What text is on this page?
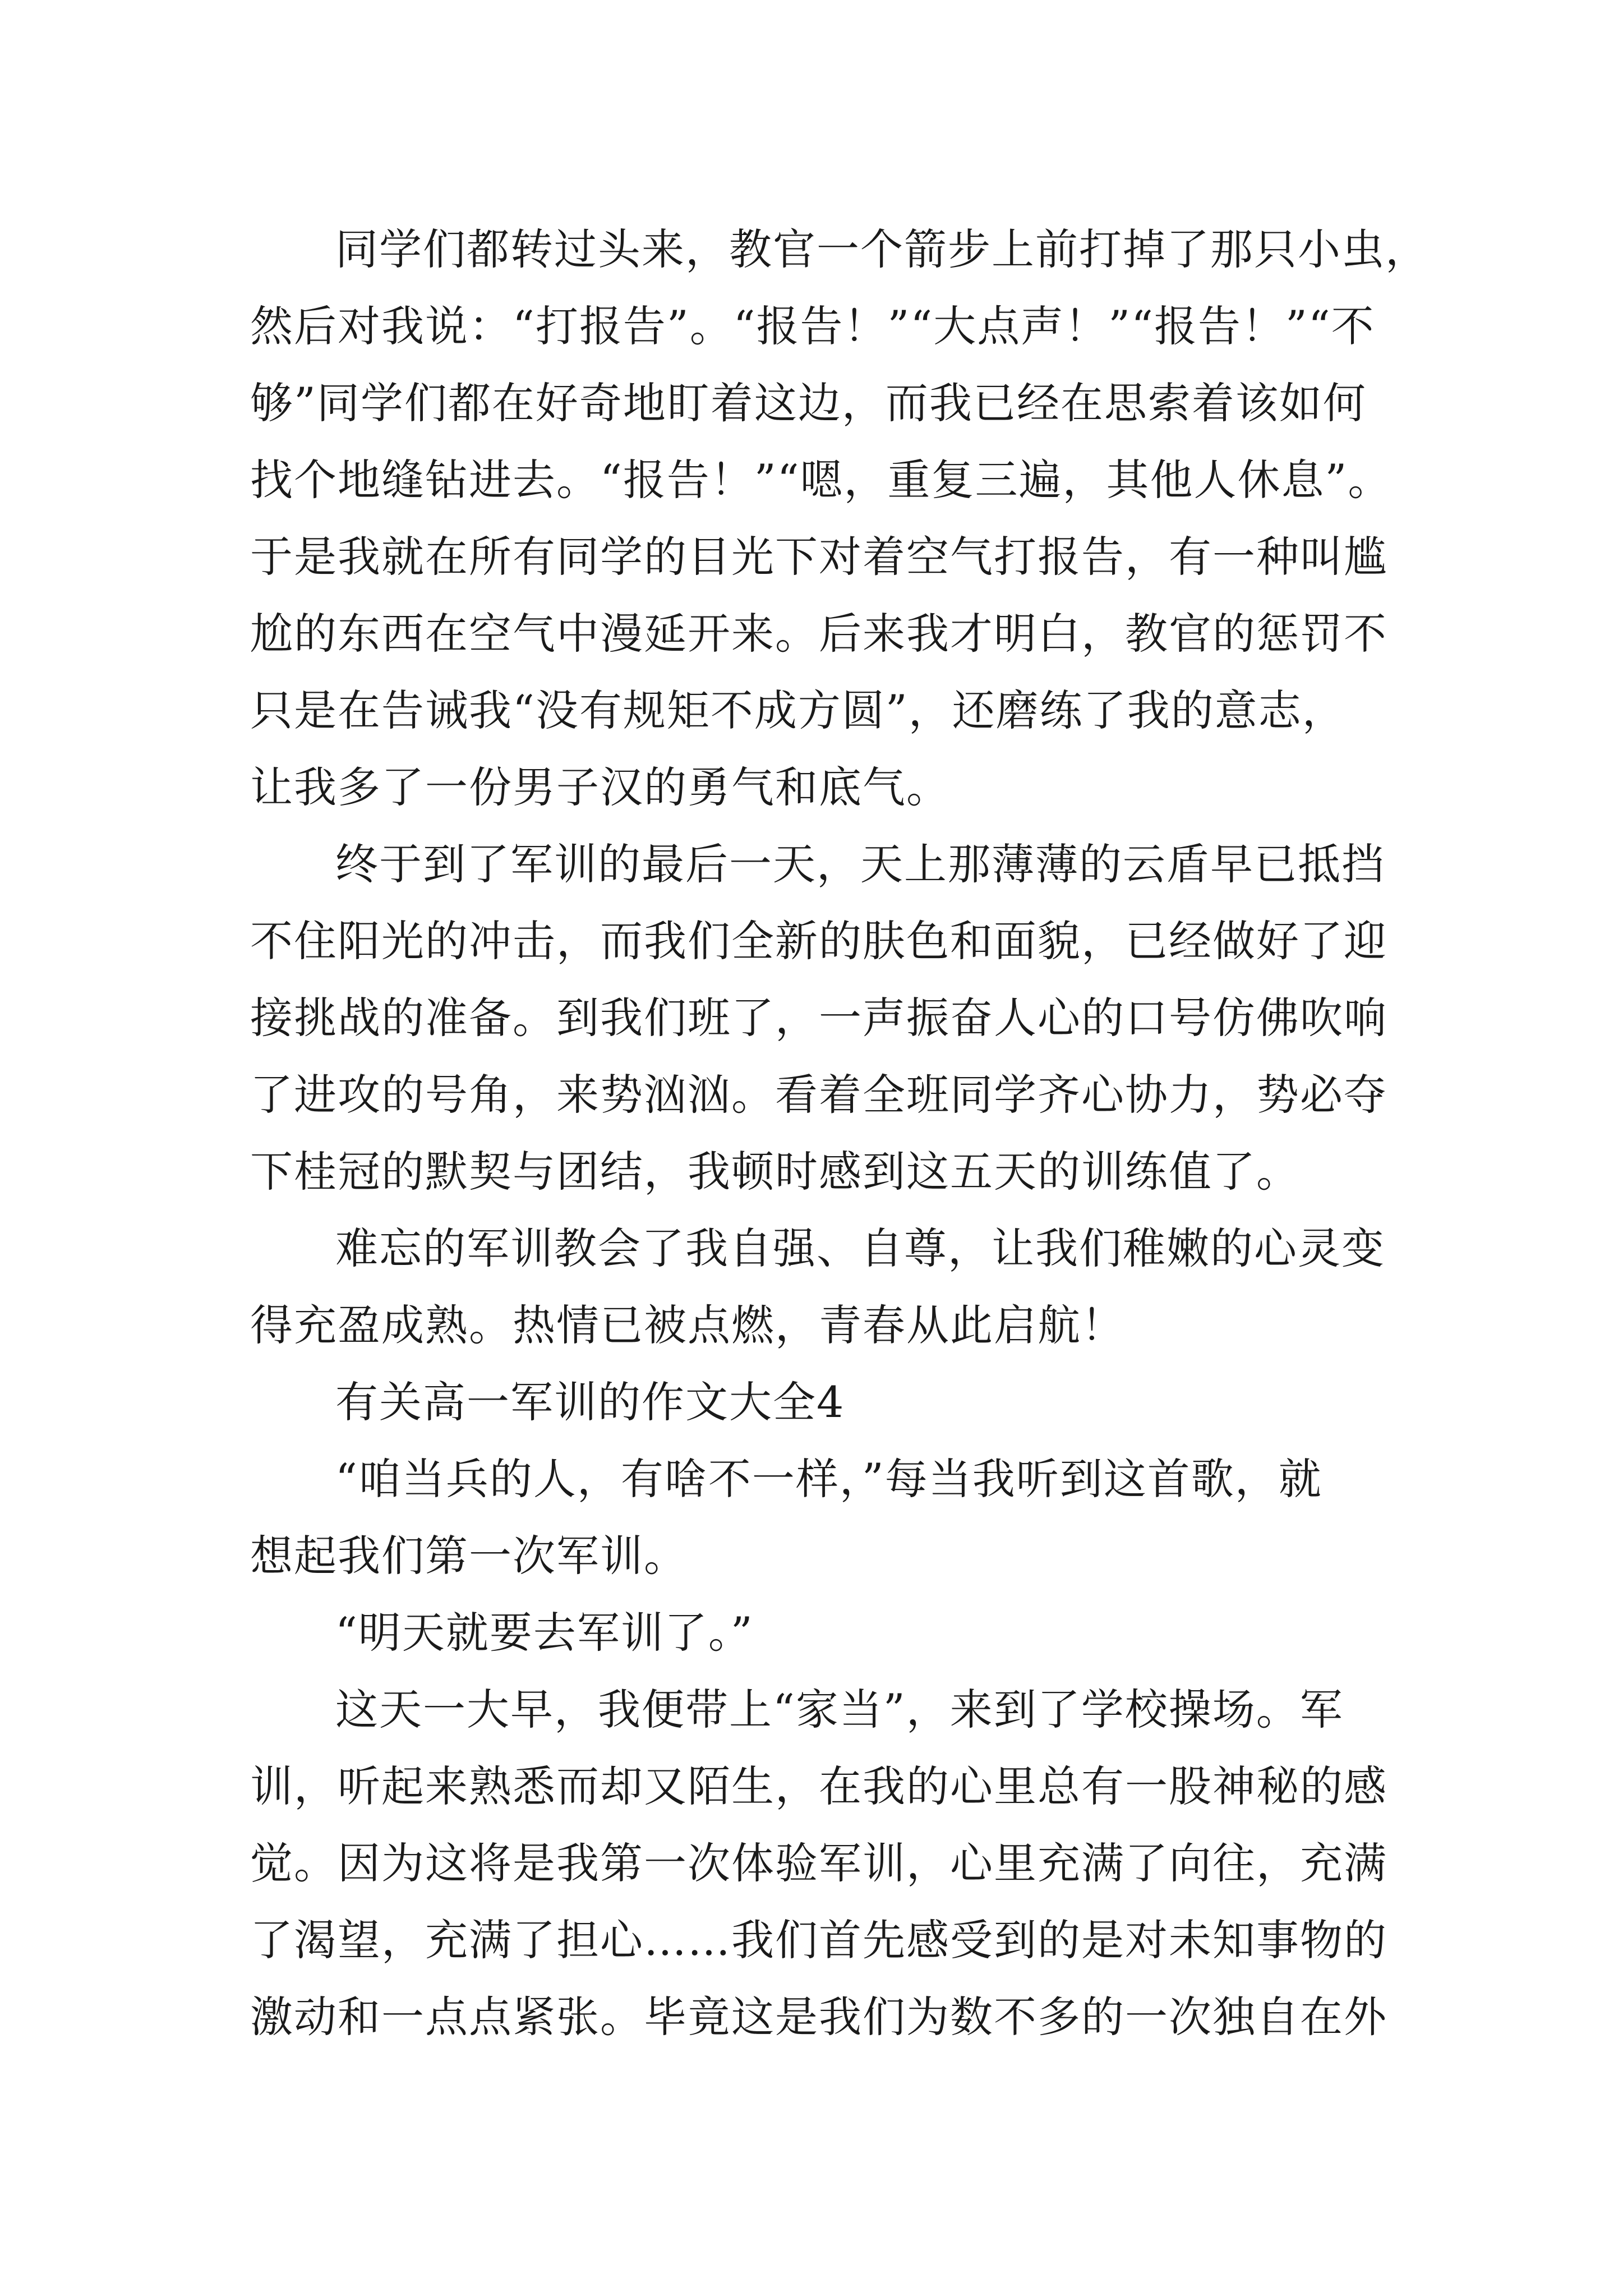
同学们都转过头来，教官一个箭步上前打掉了那只小虫，
然后对我说：“打报告”。“报告！”“大点声！”“报告！”“不
够”同学们都在好奇地盯着这边，而我已经在思索着该如何
找个地缝钻进去。“报告！”“嗯，重复三遍，其他人休息”。
于是我就在所有同学的目光下对着空气打报告，有一种叫尴
尬的东西在空气中漫延开来。后来我才明白，教官的惩罚不
只是在告诫我“没有规矩不成方圆”，还磨练了我的意志，
让我多了一份男子汉的勇气和底气。
终于到了军训的最后一天，天上那薄薄的云盾早已抵挡
不住阳光的冲击，而我们全新的肤色和面貌，已经做好了迎
接挑战的准备。到我们班了，一声振奋人心的口号仿佛吹响
了进攻的号角，来势汹汹。看着全班同学齐心协力，势必夺
下桂冠的默契与团结，我顿时感到这五天的训练值了。
难忘的军训教会了我自强、自尊，让我们稚嫩的心灵变
得充盈成熟。热情已被点燃，青春从此启航！
有关高一军训的作文大全4
“咱当兵的人，有啥不一样，”每当我听到这首歌，就
想起我们第一次军训。
“明天就要去军训了。”
这天一大早，我便带上“家当”，来到了学校操场。军
训，听起来熟悉而却又陌生，在我的心里总有一股神秘的感
觉。因为这将是我第一次体验军训，心里充满了向往，充满
了渴望，充满了担心……我们首先感受到的是对未知事物的
激动和一点点紧张。毕竟这是我们为数不多的一次独自在外
